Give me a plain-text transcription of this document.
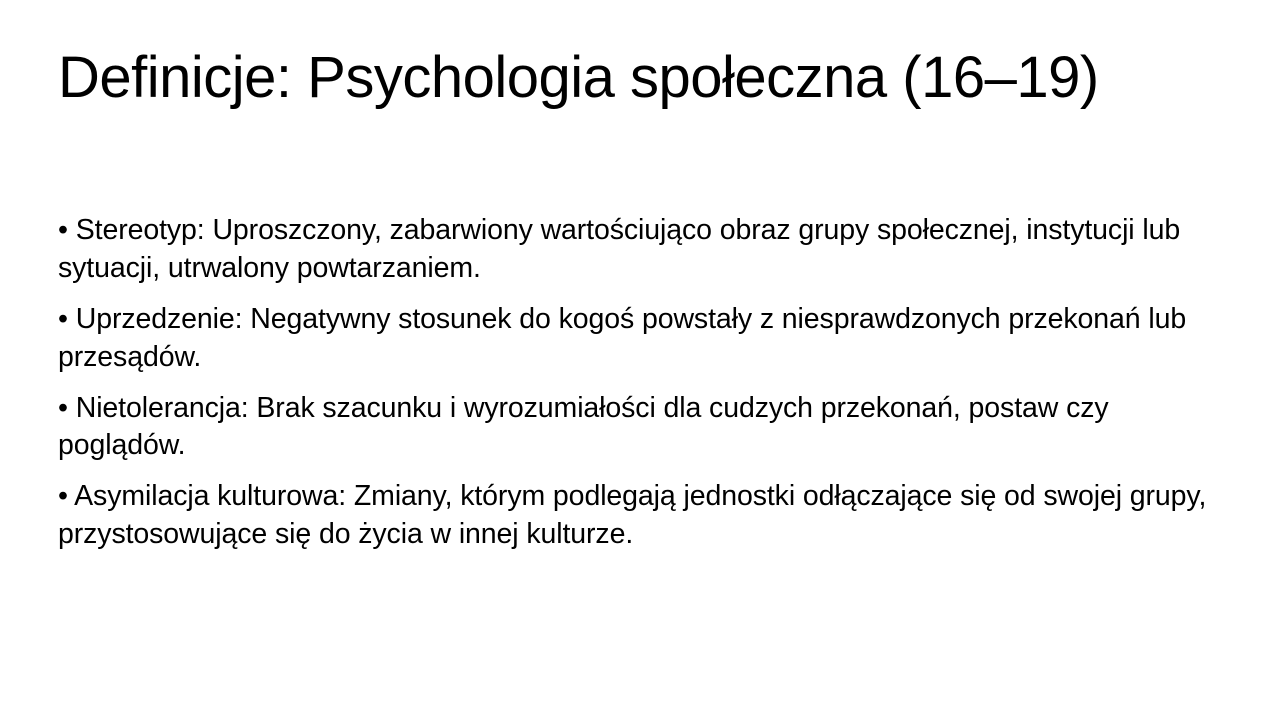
Definicje: Psychologia społeczna (16–19)

• Stereotyp: Uproszczony, zabarwiony wartościująco obraz grupy społecznej, instytucji lub sytuacji, utrwalony powtarzaniem.

• Uprzedzenie: Negatywny stosunek do kogoś powstały z niesprawdzonych przekonań lub przesądów.

• Nietolerancja: Brak szacunku i wyrozumiałości dla cudzych przekonań, postaw czy poglądów.

• Asymilacja kulturowa: Zmiany, którym podlegają jednostki odłączające się od swojej grupy, przystosowujące się do życia w innej kulturze.
